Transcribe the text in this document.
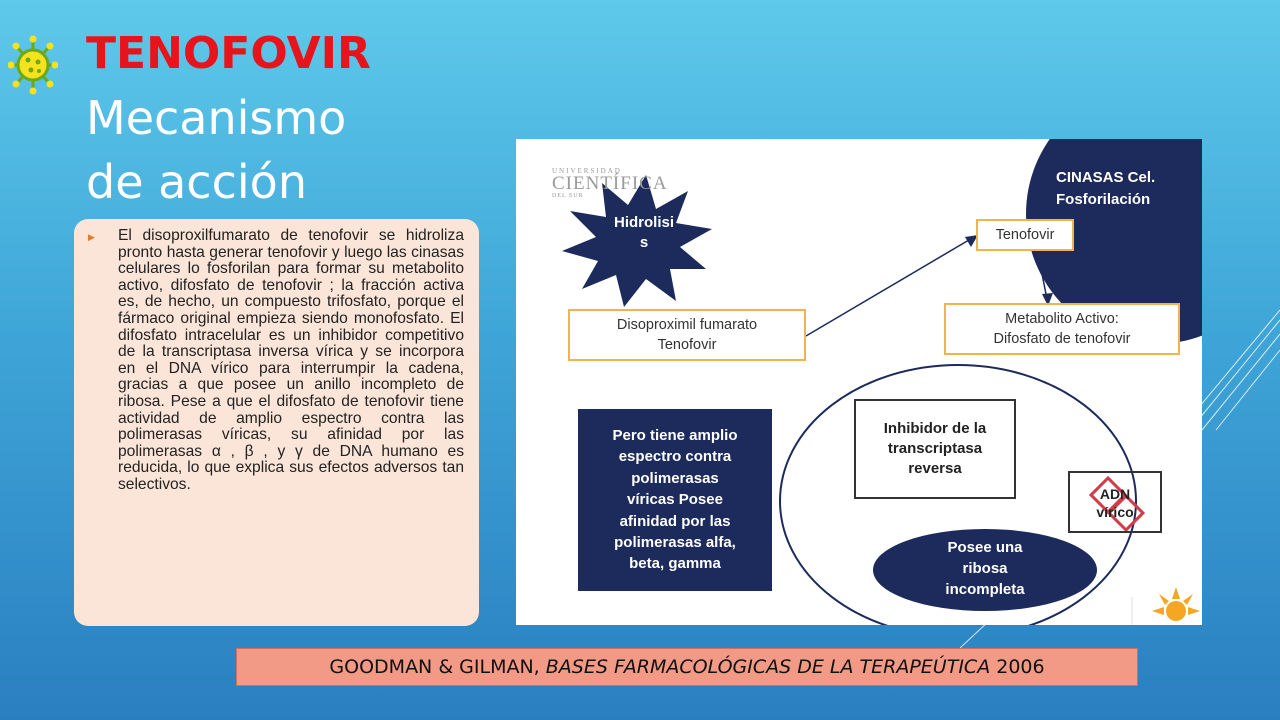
TENOFOVIR
Mecanismo
de acción
▶ El disoproxilfumarato de tenofovir se hidroliza pronto hasta generar tenofovir y luego las cinasas celulares lo fosforilan para formar su metabolito activo, difosfato de tenofovir ; la fracción activa es, de hecho, un compuesto trifosfato, porque el fármaco original empieza siendo monofosfato. El difosfato intracelular es un inhibidor competitivo de la transcriptasa inversa vírica y se incorpora en el DNA vírico para interrumpir la cadena, gracias a que posee un anillo incompleto de ribosa. Pese a que el difosfato de tenofovir tiene actividad de amplio espectro contra las polimerasas víricas, su afinidad por las polimerasas α , β , y γ de DNA humano es reducida, lo que explica sus efectos adversos tan selectivos.
UNIVERSIDAD
CIENTÍFICA
DEL SUR
Hidrolisi
s
CINASAS Cel.
Fosforilación
Tenofovir
Disoproximil fumarato
Tenofovir
Metabolito Activo:
Difosfato de tenofovir
Inhibidor de la
transcriptasa
reversa
ADN
vírico
Pero tiene amplio
espectro contra
polimerasas
víricas Posee
afinidad por las
polimerasas alfa,
beta, gamma
Posee una
ribosa
incompleta
GOODMAN & GILMAN, BASES FARMACOLÓGICAS DE LA TERAPEÚTICA 2006
